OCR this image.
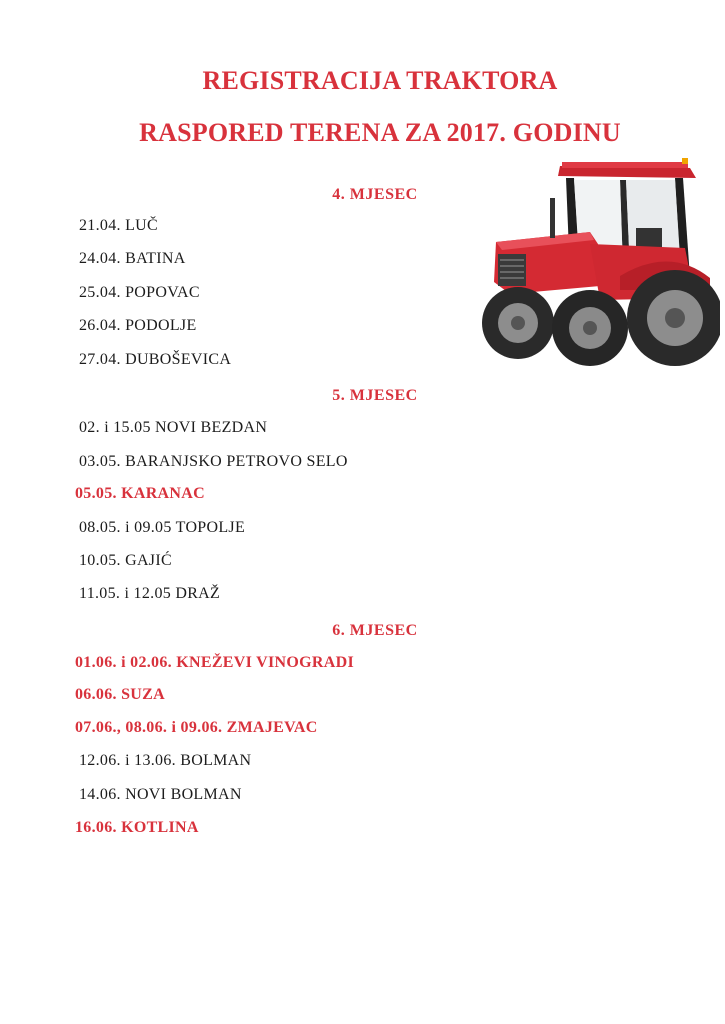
REGISTRACIJA TRAKTORA
RASPORED TERENA ZA 2017. GODINU
4. MJESEC
21.04. LUČ
24.04. BATINA
25.04. POPOVAC
26.04. PODOLJE
27.04. DUBOŠEVICA
5. MJESEC
02. i 15.05 NOVI BEZDAN
03.05. BARANJSKO PETROVO SELO
05.05. KARANAC
08.05. i 09.05 TOPOLJE
10.05. GAJIĆ
11.05. i 12.05 DRAŽ
6. MJESEC
01.06. i 02.06. KNEŽEVI VINOGRADI
06.06. SUZA
07.06., 08.06. i 09.06. ZMAJEVAC
12.06. i 13.06. BOLMAN
14.06. NOVI BOLMAN
16.06. KOTLINA
